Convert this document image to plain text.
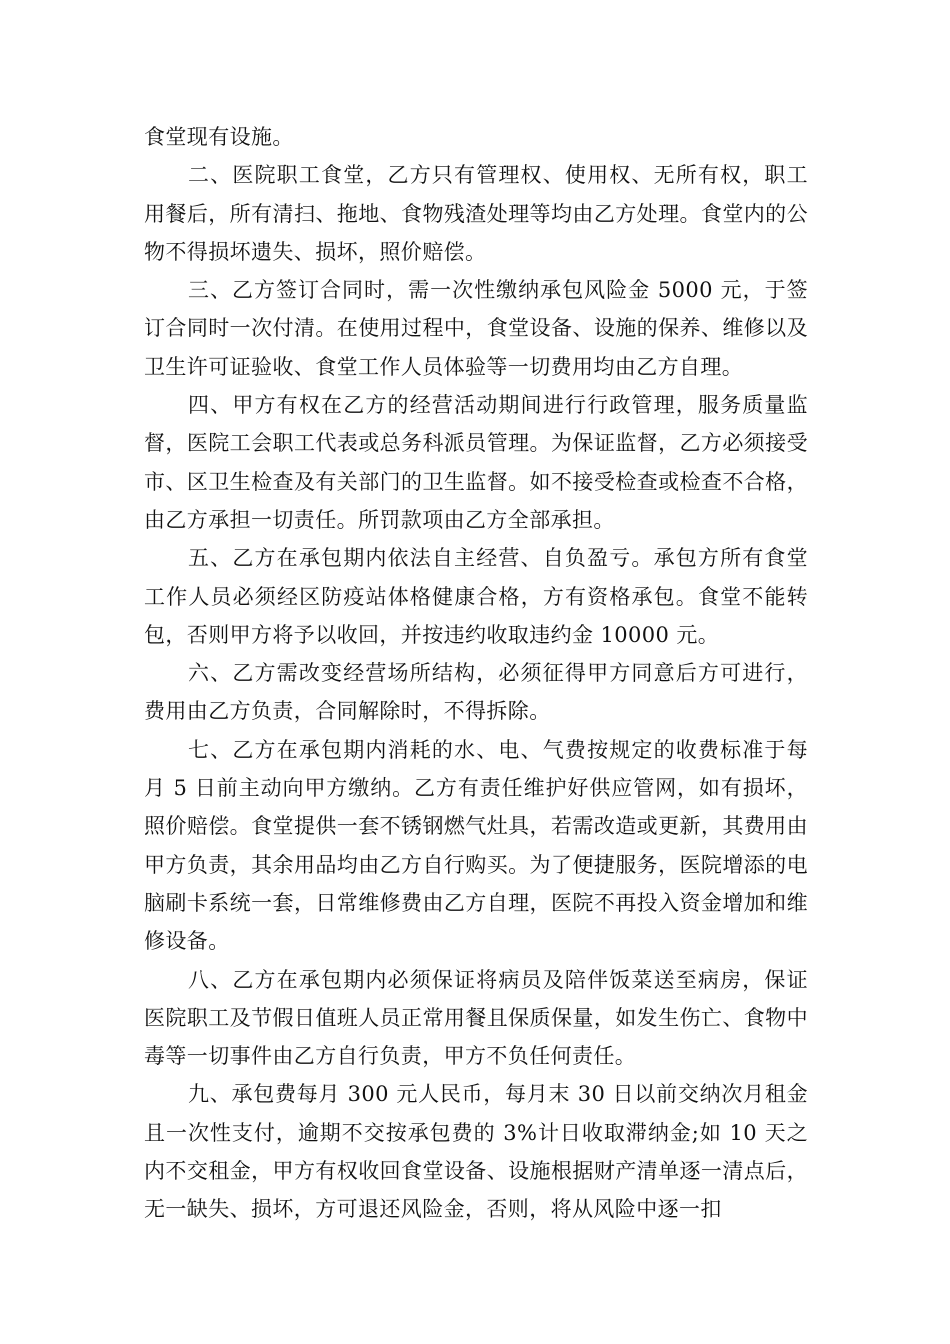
食堂现有设施。

二、医院职工食堂，乙方只有管理权、使用权、无所有权，职工用餐后，所有清扫、拖地、食物残渣处理等均由乙方处理。食堂内的公物不得损坏遗失、损坏，照价赔偿。

三、乙方签订合同时，需一次性缴纳承包风险金 5000 元，于签订合同时一次付清。在使用过程中，食堂设备、设施的保养、维修以及卫生许可证验收、食堂工作人员体验等一切费用均由乙方自理。

四、甲方有权在乙方的经营活动期间进行行政管理，服务质量监督，医院工会职工代表或总务科派员管理。为保证监督，乙方必须接受市、区卫生检查及有关部门的卫生监督。如不接受检查或检查不合格，由乙方承担一切责任。所罚款项由乙方全部承担。

五、乙方在承包期内依法自主经营、自负盈亏。承包方所有食堂工作人员必须经区防疫站体格健康合格，方有资格承包。食堂不能转包，否则甲方将予以收回，并按违约收取违约金 10000 元。

六、乙方需改变经营场所结构，必须征得甲方同意后方可进行，费用由乙方负责，合同解除时，不得拆除。

七、乙方在承包期内消耗的水、电、气费按规定的收费标准于每月 5 日前主动向甲方缴纳。乙方有责任维护好供应管网，如有损坏，照价赔偿。食堂提供一套不锈钢燃气灶具，若需改造或更新，其费用由甲方负责，其余用品均由乙方自行购买。为了便捷服务，医院增添的电脑刷卡系统一套，日常维修费由乙方自理，医院不再投入资金增加和维修设备。

八、乙方在承包期内必须保证将病员及陪伴饭菜送至病房，保证医院职工及节假日值班人员正常用餐且保质保量，如发生伤亡、食物中毒等一切事件由乙方自行负责，甲方不负任何责任。

九、承包费每月 300 元人民币，每月末 30 日以前交纳次月租金且一次性支付，逾期不交按承包费的 3%计日收取滞纳金;如 10 天之内不交租金，甲方有权收回食堂设备、设施根据财产清单逐一清点后，无一缺失、损坏，方可退还风险金，否则，将从风险中逐一扣
